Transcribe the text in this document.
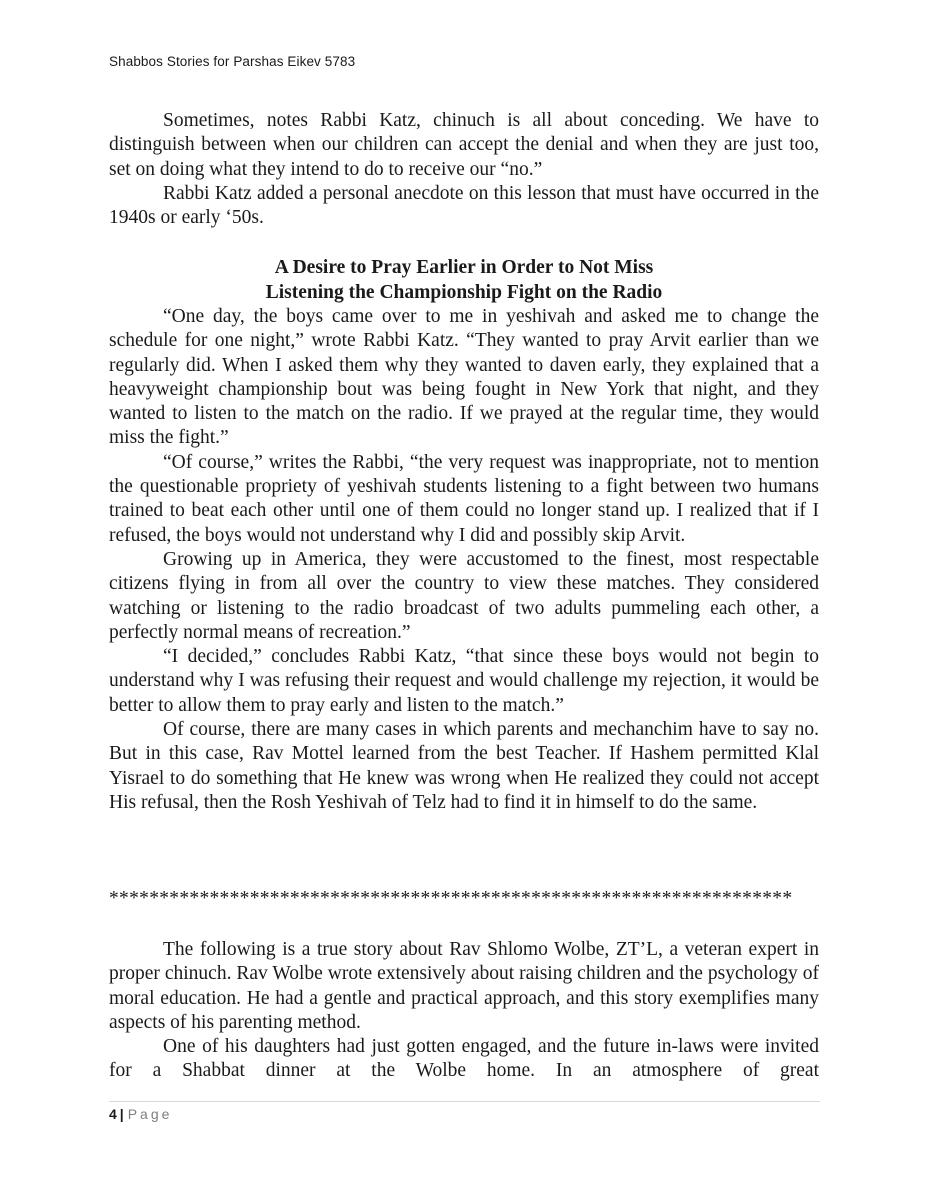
Shabbos Stories for Parshas Eikev 5783

Sometimes, notes Rabbi Katz, chinuch is all about conceding. We have to distinguish between when our children can accept the denial and when they are just too, set on doing what they intend to do to receive our “no.”

Rabbi Katz added a personal anecdote on this lesson that must have occurred in the 1940s or early ‘50s.

A Desire to Pray Earlier in Order to Not Miss
Listening the Championship Fight on the Radio

“One day, the boys came over to me in yeshivah and asked me to change the schedule for one night,” wrote Rabbi Katz. “They wanted to pray Arvit earlier than we regularly did. When I asked them why they wanted to daven early, they explained that a heavyweight championship bout was being fought in New York that night, and they wanted to listen to the match on the radio. If we prayed at the regular time, they would miss the fight.”

“Of course,” writes the Rabbi, “the very request was inappropriate, not to mention the questionable propriety of yeshivah students listening to a fight between two humans trained to beat each other until one of them could no longer stand up. I realized that if I refused, the boys would not understand why I did and possibly skip Arvit.

Growing up in America, they were accustomed to the finest, most respectable citizens flying in from all over the country to view these matches. They considered watching or listening to the radio broadcast of two adults pummeling each other, a perfectly normal means of recreation.”

“I decided,” concludes Rabbi Katz, “that since these boys would not begin to understand why I was refusing their request and would challenge my rejection, it would be better to allow them to pray early and listen to the match.”

Of course, there are many cases in which parents and mechanchim have to say no. But in this case, Rav Mottel learned from the best Teacher. If Hashem permitted Klal Yisrael to do something that He knew was wrong when He realized they could not accept His refusal, then the Rosh Yeshivah of Telz had to find it in himself to do the same.

********************************************************************

The following is a true story about Rav Shlomo Wolbe, ZT’L, a veteran expert in proper chinuch. Rav Wolbe wrote extensively about raising children and the psychology of moral education. He had a gentle and practical approach, and this story exemplifies many aspects of his parenting method.

One of his daughters had just gotten engaged, and the future in-laws were invited for a Shabbat dinner at the Wolbe home. In an atmosphere of great

4 | Page
